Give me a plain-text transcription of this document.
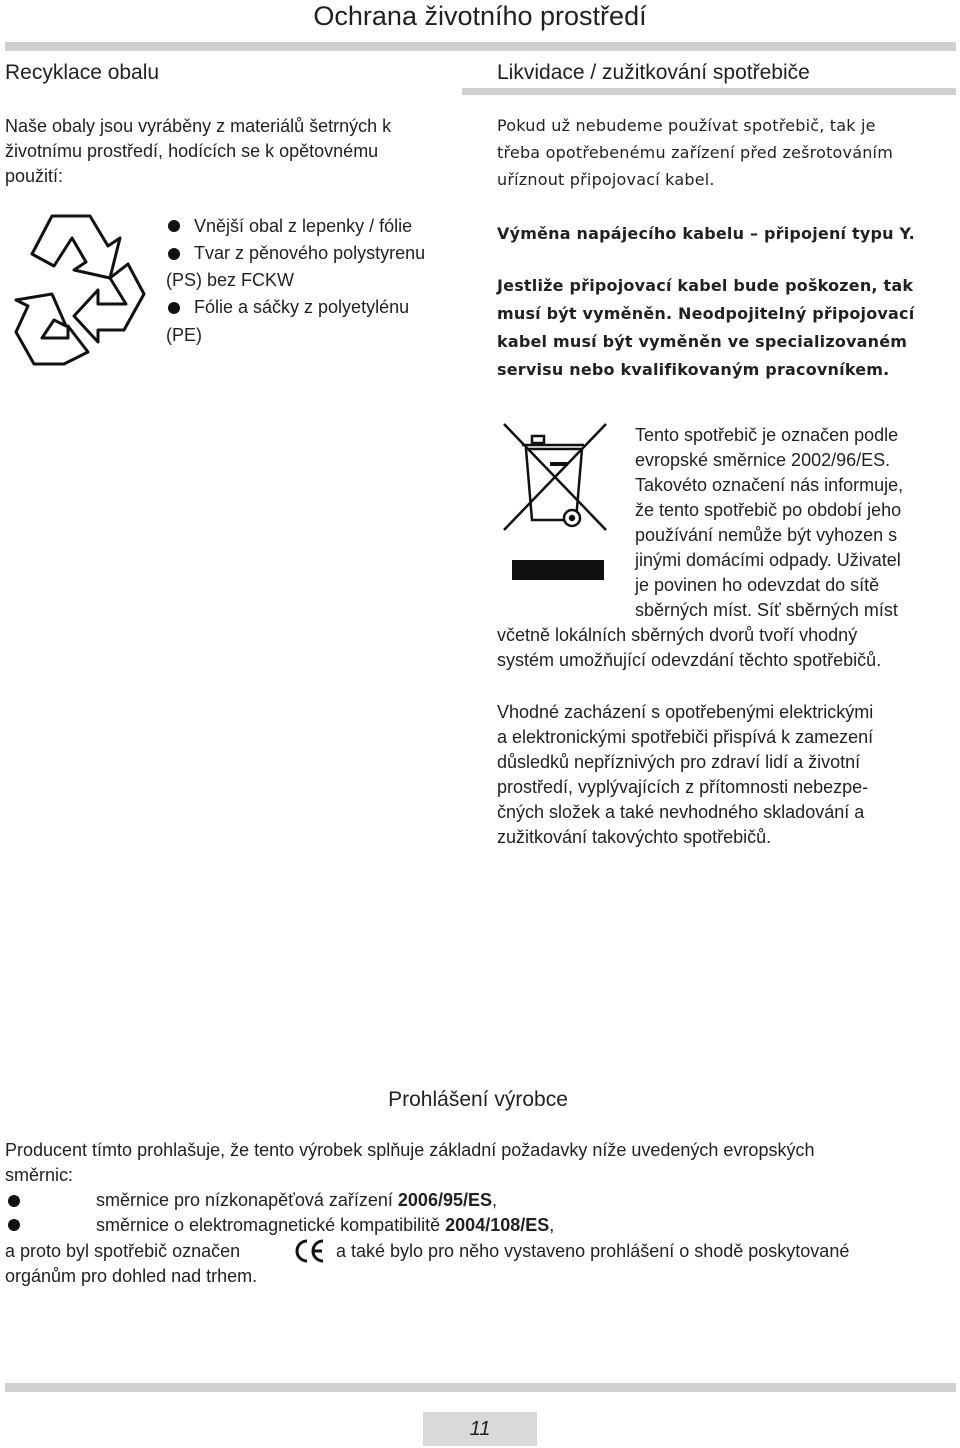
Ochrana životního prostředí
Recyklace obalu
Naše obaly jsou vyráběny z materiálů šetrných k
životnímu prostředí, hodících se k opětovnému
použití:
Vnější obal z lepenky / fólie
Tvar z pěnového polystyrenu
(PS) bez FCKW
Fólie a sáčky z polyetylénu
(PE)
Likvidace / zužitkování spotřebiče
Pokud už nebudeme používat spotřebič, tak je
třeba opotřebenému zařízení před zešrotováním
uříznout připojovací kabel.
Výměna napájecího kabelu – připojení typu Y.
Jestliže připojovací kabel bude poškozen, tak
musí být vyměněn. Neodpojitelný připojovací
kabel musí být vyměněn ve specializovaném
servisu nebo kvalifikovaným pracovníkem.
Tento spotřebič je označen podle
evropské směrnice 2002/96/ES.
Takovéto označení nás informuje,
že tento spotřebič po období jeho
používání nemůže být vyhozen s
jinými domácími odpady. Uživatel
je povinen ho odevzdat do sítě
sběrných míst. Síť sběrných míst
včetně lokálních sběrných dvorů tvoří vhodný
systém umožňující odevzdání těchto spotřebičů.
Vhodné zacházení s opotřebenými elektrickými
a elektronickými spotřebiči přispívá k zamezení
důsledků nepříznivých pro zdraví lidí a životní
prostředí, vyplývajících z přítomnosti nebezpe-
čných složek a také nevhodného skladování a
zužitkování takovýchto spotřebičů.
Prohlášení výrobce
Producent tímto prohlašuje, že tento výrobek splňuje základní požadavky níže uvedených evropských
směrnic:
směrnice pro nízkonapěťová zařízení 2006/95/ES,
směrnice o elektromagnetické kompatibilitě 2004/108/ES,
a proto byl spotřebič označen	a také bylo pro něho vystaveno prohlášení o shodě poskytované
orgánům pro dohled nad trhem.
11
